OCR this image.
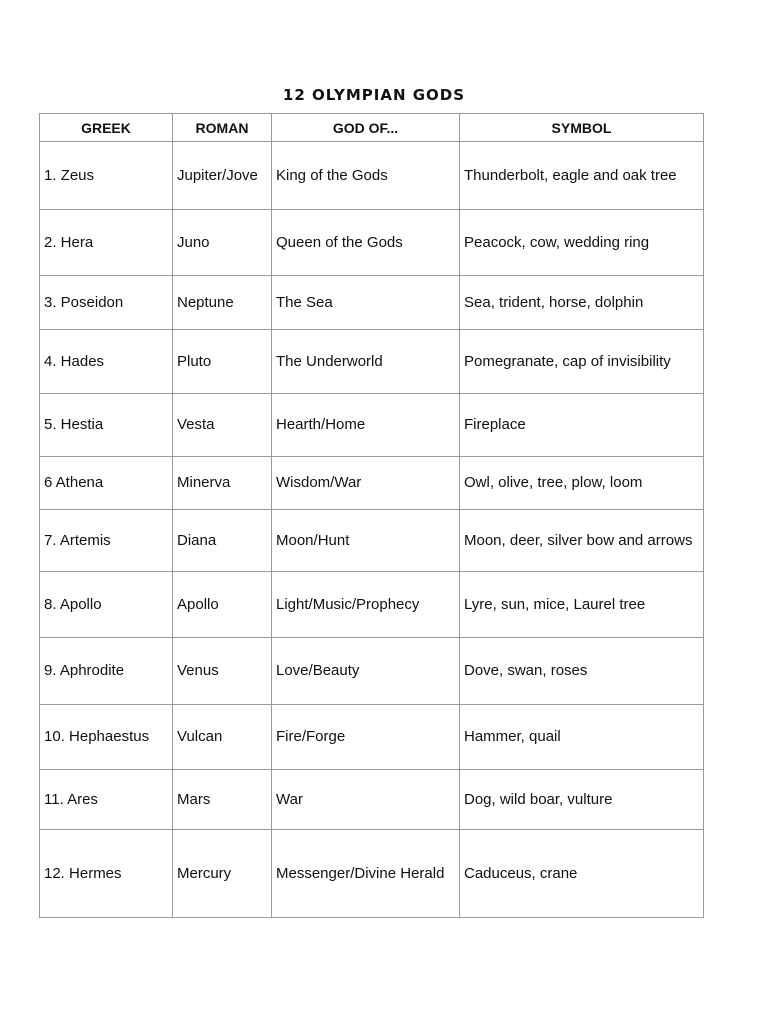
12 OLYMPIAN GODS
GREEK	ROMAN	GOD OF...	SYMBOL
1. Zeus	Jupiter/Jove	King of the Gods	Thunderbolt, eagle and oak tree
2. Hera	Juno	Queen of the Gods	Peacock, cow, wedding ring
3. Poseidon	Neptune	The Sea	Sea, trident, horse, dolphin
4. Hades	Pluto	The Underworld	Pomegranate, cap of invisibility
5. Hestia	Vesta	Hearth/Home	Fireplace
6 Athena	Minerva	Wisdom/War	Owl, olive, tree, plow, loom
7. Artemis	Diana	Moon/Hunt	Moon, deer, silver bow and arrows
8. Apollo	Apollo	Light/Music/Prophecy	Lyre, sun, mice, Laurel tree
9. Aphrodite	Venus	Love/Beauty	Dove, swan, roses
10. Hephaestus	Vulcan	Fire/Forge	Hammer, quail
11. Ares	Mars	War	Dog, wild boar, vulture
12. Hermes	Mercury	Messenger/Divine Herald	Caduceus, crane
